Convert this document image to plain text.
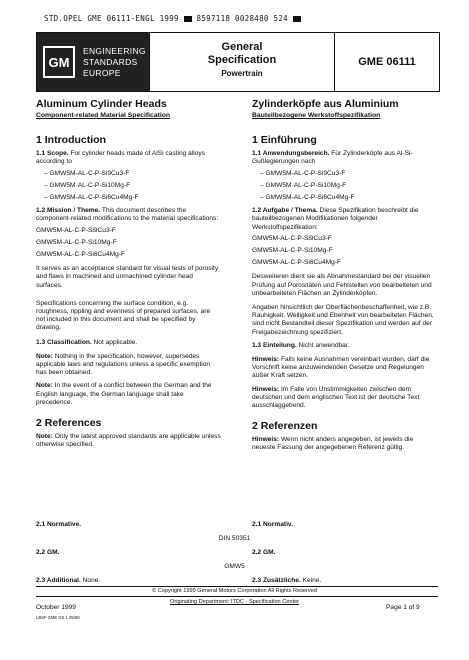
STD.OPEL GME 06111-ENGL 1999 8597118 0028480 524
GM
ENGINEERING
STANDARDS
EUROPE
General
Specification
Powertrain
GME 06111
Aluminum Cylinder Heads
Component-related Material Specification
1 Introduction

1.1 Scope. For cylinder heads made of AlSi casting alloys according to

– GMW5M-AL-C-P-Si9Cu3-F
– GMW5M-AL-C-P-Si10Mg-F
– GMW5M-AL-C-P-Si6Cu4Mg-F

1.2 Mission / Theme. This document describes the component-related modifications to the material specifications:

GMW5M-AL-C-P-Si9Cu3-F
GMW5M-AL-C-P-Si10Mg-F
GMW5M-AL-C-P-Si6Cu4Mg-F

It serves as an acceptance standard for visual tests of porosity and flaws in machined and unmachined cylinder head surfaces.

Specifications concerning the surface condition, e.g. roughness, rippling and evenness of prepared surfaces, are not included in this document and shall be specified by drawing.

1.3 Classification. Not applicable.

Note: Nothing in the specification, however, supersedes applicable laws and regulations unless a specific exemption has been obtained.

Note: In the event of a conflict between the German and the English language, the German language shall take precedence.

2 References

Note: Only the latest approved standards are applicable unless otherwise specified.

2.1 Normative.
2.2 GM.
2.3 Additional. None.
Zylinderköpfe aus Aluminium
Bauteilbezogene Werkstoffspezifikation
1 Einführung

1.1 Anwendungsbereich. Für Zylinderköpfe aus Al-Si-Gußlegierungen nach

– GMW5M-AL-C-P-Si9Cu3-F
– GMW5M-AL-C-P-Si10Mg-F
– GMW5M-AL-C-P-Si6Cu4Mg-F

1.2 Aufgabe / Thema. Diese Spezifikation beschreibt die bauteilbezogenen Modifikationen folgender Werkstoffspezifikation:

GMW5M-AL-C-P-Si9Cu3-F
GMW5M-AL-C-P-Si10Mg-F
GMW5M-AL-C-P-Si6Cu4Mg-F

Desweiteren dient sie als Abnahmestandard bei der visuellen Prüfung auf Porositäten und Fehlstellen von bearbeiteten und unbearbeiteten Flächen an Zylinderköpfen.

Angaben hinsichtlich der Oberflächenbeschaffenheit, wie z.B. Rauhigkeit, Welligkeit und Ebenheit von bearbeiteten Flächen, sind nicht Bestandteil dieser Spezifikation und werden auf der Freigabezeichnung spezifiziert.

1.3 Einteilung. Nicht anwendbar.

Hinweis: Falls keine Ausnahmen vereinbart wurden, darf die Vorschrift keine anzuwendenden Gesetze und Regelungen außer Kraft setzen.

Hinweis: Im Falle von Unstimmigkeiten zwischen dem deutschen und dem englischen Text ist der deutsche Text ausschlaggebend.

2 Referenzen

Hinweis: Wenn nicht anders angegeben, ist jeweils die neueste Fassung der angegebenen Referenz gültig.

2.1 Normativ.
2.2 GM.
2.3 Zusätzliche. Keine.
DIN 50351
GMW5
© Copyright 1999 General Motors Corporation All Rights Reserved
October 1999
Originating Department: ITDC - Specification Center
Page 1 of 9
LBSF GME GS 1.05/99
